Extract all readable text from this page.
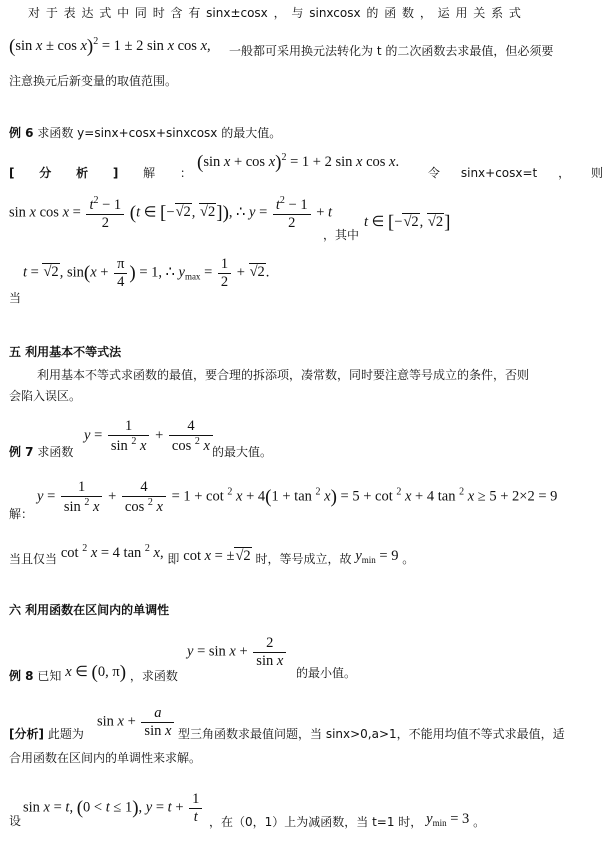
对 于 表 达 式 中 同 时 含 有 sinx±cosx ， 与 sinxcosx 的 函 数 ， 运 用 关 系 式
(sin x ± cos x)$^2$ = 1 ± 2 sin x cos x, 一般都可采用换元法转化为 t 的二次函数去求最值，但必须要
注意换元后新变量的取值范围。
例 6 求函数 y=sinx+cosx+sinxcosx 的最大值。
[ 分 析 ] 解 ： (sin x + cos x)$^2$ = 1 + 2 sin x cos x.
令 sinx+cosx=t ， 则
sin x $\cos x = \frac{t^2 - 1}{2} (t$ ∈ [−√2, √2]), ∴ $y = \frac{t^2 - 1}{2} + t$
，其中
t ∈ [−√2, √2]
t = √2, $\sin(x + \frac{\pi}{4}$ ) = 1, ∴ $y_{max} = \frac{1}{2} + √2$.
当
五 利用基本不等式法
利用基本不等式求函数的最值，要合理的拆添项，凑常数，同时要注意等号成立的条件，否则
会陷入误区。
例 7 求函数
$y = \frac{1}{\sin ^2 x} + \frac{4}{\cos ^2 x}$ 的最大值。
解：
$y = \frac{1}{\sin ^2 x} + \frac{4}{\cos ^2 x} = 1 + \cot ^2$ x + 4(1 + tan $^2$ x) = 5 + cot $^2$ x + 4 tan $^2$ x ≥ 5 + 2×2 = 9
当且仅当 cot $^2$ x = 4 tan $^2$ x, 即 cot x = ±√2 时，等号成立，故 $y_{min} = 9$ 。
六 利用函数在区间内的单调性
例 8 已知 x ∈ (0, π) ，求函数
$y = \sin x + \frac{2}{\text{sin x}}$
的最小值。
[分析] 此题为
$\sin x + \frac{a}{\text{sin x}}$ 型三角函数求最值问题，当 sinx>0,a>1，不能用均值不等式求最值，适
合用函数在区间内的单调性来求解。
sin x = t, (0 < t ≤ 1), $y = t + \frac{1}{t}$
设	，在（0，1）上为减函数，当 t=1 时， $y_{min} = 3$ 。
